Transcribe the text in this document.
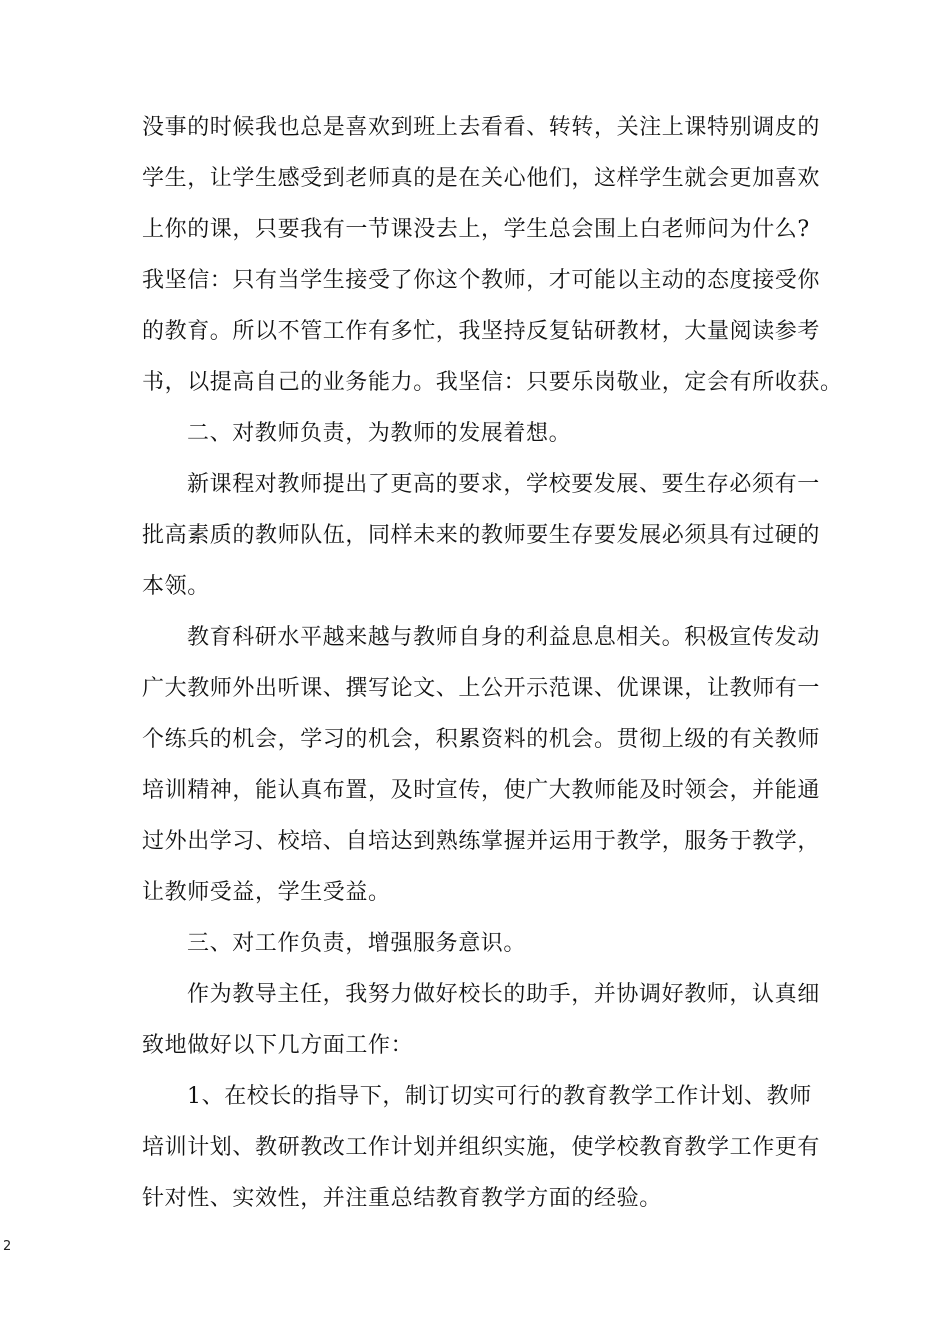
没事的时候我也总是喜欢到班上去看看、转转，关注上课特别调皮的
学生，让学生感受到老师真的是在关心他们，这样学生就会更加喜欢
上你的课，只要我有一节课没去上，学生总会围上白老师问为什么?
我坚信：只有当学生接受了你这个教师，才可能以主动的态度接受你
的教育。所以不管工作有多忙，我坚持反复钻研教材，大量阅读参考
书，以提高自己的业务能力。我坚信：只要乐岗敬业，定会有所收获。
二、对教师负责，为教师的发展着想。
新课程对教师提出了更高的要求，学校要发展、要生存必须有一
批高素质的教师队伍，同样未来的教师要生存要发展必须具有过硬的
本领。
教育科研水平越来越与教师自身的利益息息相关。积极宣传发动
广大教师外出听课、撰写论文、上公开示范课、优课课，让教师有一
个练兵的机会，学习的机会，积累资料的机会。贯彻上级的有关教师
培训精神，能认真布置，及时宣传，使广大教师能及时领会，并能通
过外出学习、校培、自培达到熟练掌握并运用于教学，服务于教学，
让教师受益，学生受益。
三、对工作负责，增强服务意识。
作为教导主任，我努力做好校长的助手，并协调好教师，认真细
致地做好以下几方面工作：
1、在校长的指导下，制订切实可行的教育教学工作计划、教师
培训计划、教研教改工作计划并组织实施，使学校教育教学工作更有
针对性、实效性，并注重总结教育教学方面的经验。
2
